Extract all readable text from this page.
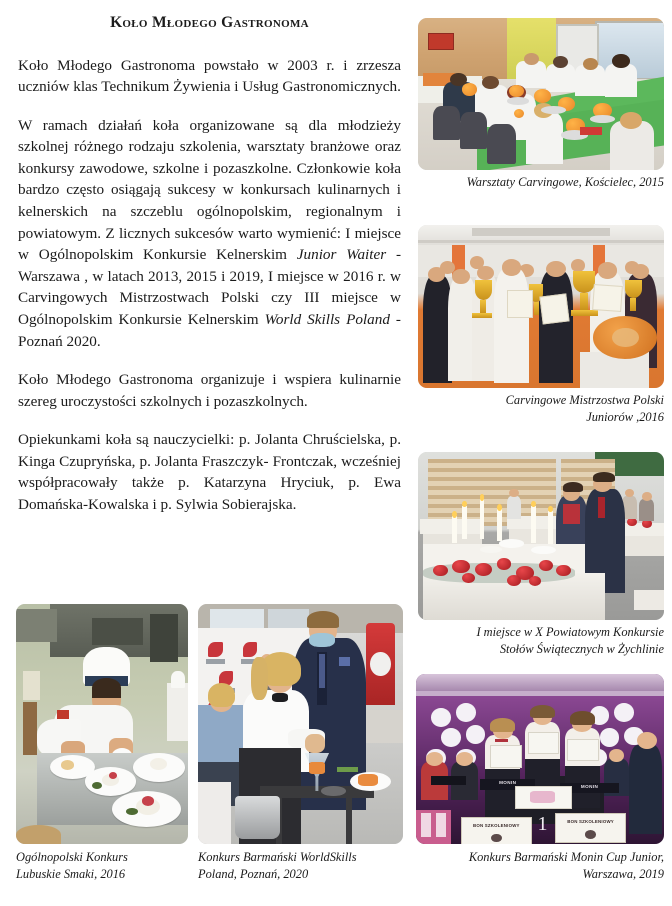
Koło Młodego Gastronoma

Koło Młodego Gastronoma powstało w 2003 r. i zrzesza uczniów klas Technikum Żywienia i Usług Gastronomicznych.

W ramach działań koła organizowane są dla młodzieży szkolnej różnego rodzaju szkolenia, warsztaty branżowe oraz konkursy zawodowe, szkolne i pozaszkolne. Członkowie koła bardzo często osiągają sukcesy w konkursach kulinarnych i kelnerskich na szczeblu ogólnopolskim, regionalnym i powiatowym. Z licznych sukcesów warto wymienić: I miejsce w Ogólnopolskim Konkursie Kelnerskim Junior Waiter - Warszawa , w latach 2013, 2015 i 2019, I miejsce w 2016 r. w Carvingowych Mistrzostwach Polski czy III miejsce w Ogólnopolskim Konkursie Kelnerskim World Skills Poland - Poznań 2020.

Koło Młodego Gastronoma organizuje i wspiera kulinarnie szereg uroczystości szkolnych i pozaszkolnych.

Opiekunkami koła są nauczycielki: p. Jolanta Chruścielska, p. Kinga Czupryńska, p. Jolanta Fraszczyk- Frontczak, wcześniej współpracowały także p. Katarzyna Hryciuk, p. Ewa Domańska-Kowalska i p. Sylwia Sobierajska.

Warsztaty Carvingowe, Kościelec, 2015
Carvingowe Mistrzostwa Polski
Juniorów ,2016
I miejsce w X Powiatowym Konkursie
Stołów Świątecznych w Żychlinie
Ogólnopolski Konkurs
Lubuskie Smaki, 2016
Konkurs Barmański WorldSkills
Poland, Poznań, 2020
MONIN
MONIN
1
BON SZKOLENIOWY
BON SZKOLENIOWY
Konkurs Barmański Monin Cup Junior,
Warszawa, 2019
